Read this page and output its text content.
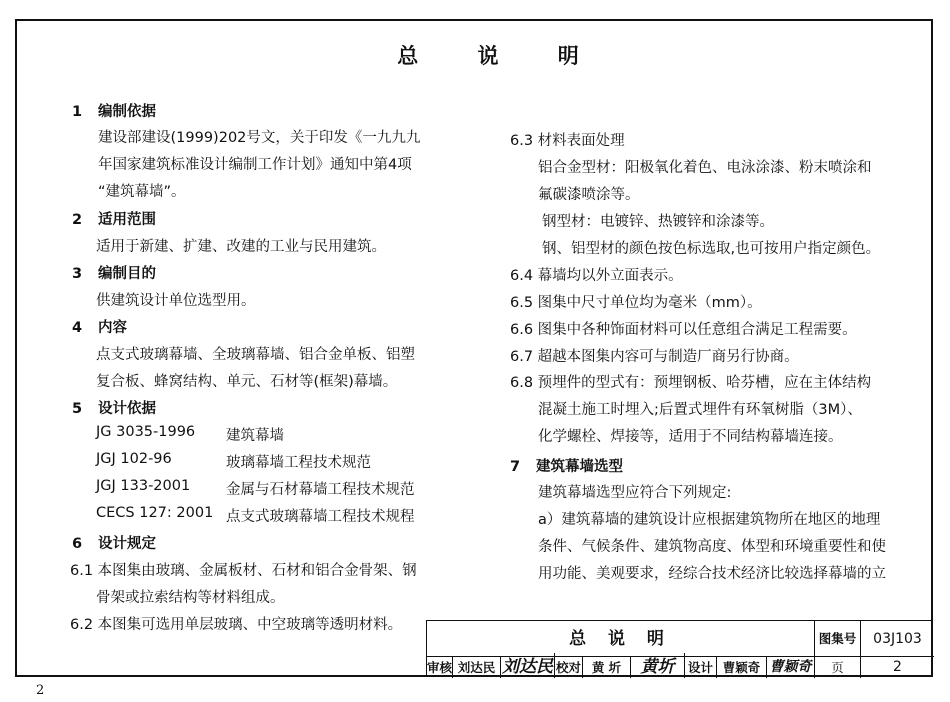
总 说 明
1 编制依据
建设部建设(1999)202号文，关于印发《一九九九
年国家建筑标准设计编制工作计划》通知中第4项
“建筑幕墙”。
2 适用范围
适用于新建、扩建、改建的工业与民用建筑。
3 编制目的
供建筑设计单位选型用。
4 内容
点支式玻璃幕墙、全玻璃幕墙、铝合金单板、铝塑
复合板、蜂窝结构、单元、石材等(框架)幕墙。
5 设计依据
JG 3035-1996 建筑幕墙
JGJ 102-96	玻璃幕墙工程技术规范
JGJ 133-2001 金属与石材幕墙工程技术规范
CECS 127: 2001 点支式玻璃幕墙工程技术规程
6 设计规定
6.1 本图集由玻璃、金属板材、石材和铝合金骨架、钢
骨架或拉索结构等材料组成。
6.2 本图集可选用单层玻璃、中空玻璃等透明材料。
6.3 材料表面处理
铝合金型材：阳极氧化着色、电泳涂漆、粉末喷涂和
氟碳漆喷涂等。
钢型材：电镀锌、热镀锌和涂漆等。
钢、铝型材的颜色按色标选取,也可按用户指定颜色。
6.4 幕墙均以外立面表示。
6.5 图集中尺寸单位均为毫米（mm）。
6.6 图集中各种饰面材料可以任意组合满足工程需要。
6.7 超越本图集内容可与制造厂商另行协商。
6.8 预埋件的型式有：预埋钢板、哈芬槽，应在主体结构
混凝土施工时埋入;后置式埋件有环氧树脂（3M）、
化学螺栓、焊接等，适用于不同结构幕墙连接。
7 建筑幕墙选型
建筑幕墙选型应符合下列规定:
a）建筑幕墙的建筑设计应根据建筑物所在地区的地理
条件、气候条件、建筑物高度、体型和环境重要性和使
用功能、美观要求，经综合技术经济比较选择幕墙的立
总 说 明	图集号	03J103
审核 刘达民 刘达民 校对 黄 圻	黄圻	设计 曹颖奇 曹颖奇	页	2
2
